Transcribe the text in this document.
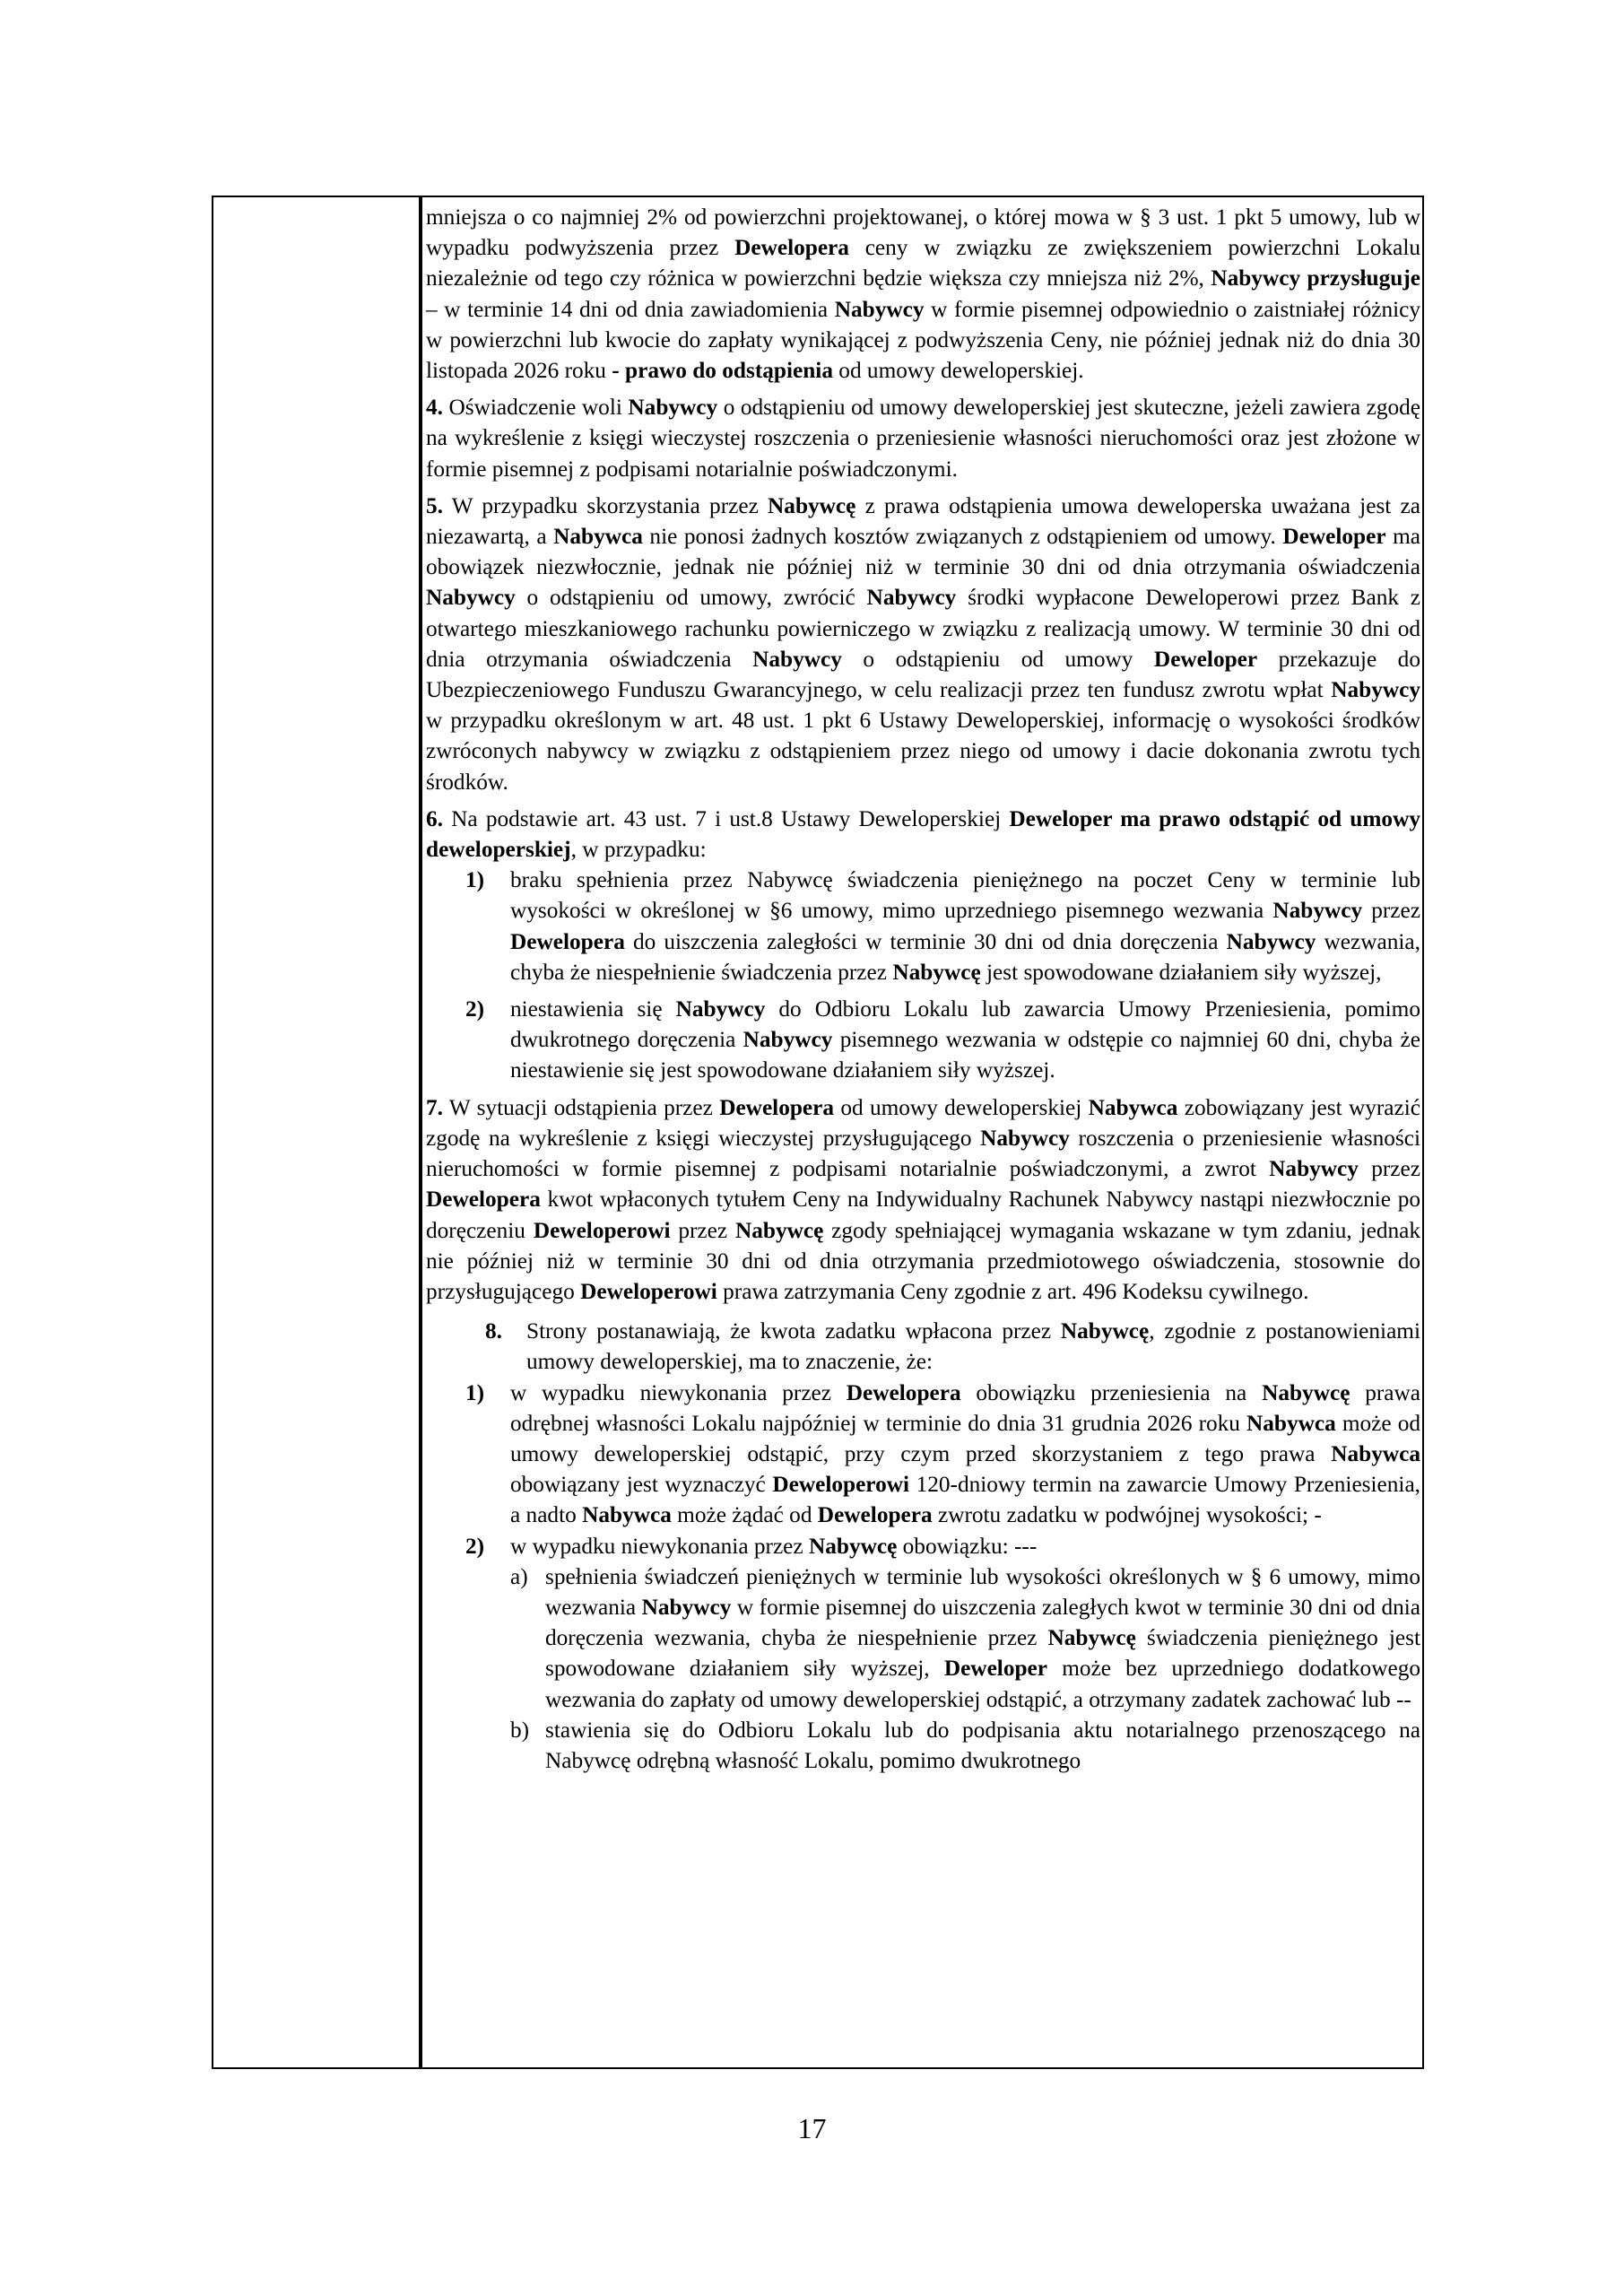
mniejsza o co najmniej 2% od powierzchni projektowanej, o której mowa w § 3 ust. 1 pkt 5 umowy, lub w wypadku podwyższenia przez Dewelopera ceny w związku ze zwiększeniem powierzchni Lokalu niezależnie od tego czy różnica w powierzchni będzie większa czy mniejsza niż 2%, Nabywcy przysługuje – w terminie 14 dni od dnia zawiadomienia Nabywcy w formie pisemnej odpowiednio o zaistniałej różnicy w powierzchni lub kwocie do zapłaty wynikającej z podwyższenia Ceny, nie później jednak niż do dnia 30 listopada 2026 roku - prawo do odstąpienia od umowy deweloperskiej.

4. Oświadczenie woli Nabywcy o odstąpieniu od umowy deweloperskiej jest skuteczne, jeżeli zawiera zgodę na wykreślenie z księgi wieczystej roszczenia o przeniesienie własności nieruchomości oraz jest złożone w formie pisemnej z podpisami notarialnie poświadczonymi.

5. W przypadku skorzystania przez Nabywcę z prawa odstąpienia umowa deweloperska uważana jest za niezawartą, a Nabywca nie ponosi żadnych kosztów związanych z odstąpieniem od umowy. Deweloper ma obowiązek niezwłocznie, jednak nie później niż w terminie 30 dni od dnia otrzymania oświadczenia Nabywcy o odstąpieniu od umowy, zwrócić Nabywcy środki wypłacone Deweloperowi przez Bank z otwartego mieszkaniowego rachunku powierniczego w związku z realizacją umowy. W terminie 30 dni od dnia otrzymania oświadczenia Nabywcy o odstąpieniu od umowy Deweloper przekazuje do Ubezpieczeniowego Funduszu Gwarancyjnego, w celu realizacji przez ten fundusz zwrotu wpłat Nabywcy w przypadku określonym w art. 48 ust. 1 pkt 6 Ustawy Deweloperskiej, informację o wysokości środków zwróconych nabywcy w związku z odstąpieniem przez niego od umowy i dacie dokonania zwrotu tych środków.

6. Na podstawie art. 43 ust. 7 i ust.8 Ustawy Deweloperskiej Deweloper ma prawo odstąpić od umowy deweloperskiej, w przypadku:

1) braku spełnienia przez Nabywcę świadczenia pieniężnego na poczet Ceny w terminie lub wysokości w określonej w §6 umowy, mimo uprzedniego pisemnego wezwania Nabywcy przez Dewelopera do uiszczenia zaległości w terminie 30 dni od dnia doręczenia Nabywcy wezwania, chyba że niespełnienie świadczenia przez Nabywcę jest spowodowane działaniem siły wyższej,

2) niestawienia się Nabywcy do Odbioru Lokalu lub zawarcia Umowy Przeniesienia, pomimo dwukrotnego doręczenia Nabywcy pisemnego wezwania w odstępie co najmniej 60 dni, chyba że niestawienie się jest spowodowane działaniem siły wyższej.

7. W sytuacji odstąpienia przez Dewelopera od umowy deweloperskiej Nabywca zobowiązany jest wyrazić zgodę na wykreślenie z księgi wieczystej przysługującego Nabywcy roszczenia o przeniesienie własności nieruchomości w formie pisemnej z podpisami notarialnie poświadczonymi, a zwrot Nabywcy przez Dewelopera kwot wpłaconych tytułem Ceny na Indywidualny Rachunek Nabywcy nastąpi niezwłocznie po doręczeniu Deweloperowi przez Nabywcę zgody spełniającej wymagania wskazane w tym zdaniu, jednak nie później niż w terminie 30 dni od dnia otrzymania przedmiotowego oświadczenia, stosownie do przysługującego Deweloperowi prawa zatrzymania Ceny zgodnie z art. 496 Kodeksu cywilnego.

8. Strony postanawiają, że kwota zadatku wpłacona przez Nabywcę, zgodnie z postanowieniami umowy deweloperskiej, ma to znaczenie, że:

1) w wypadku niewykonania przez Dewelopera obowiązku przeniesienia na Nabywcę prawa odrębnej własności Lokalu najpóźniej w terminie do dnia 31 grudnia 2026 roku Nabywca może od umowy deweloperskiej odstąpić, przy czym przed skorzystaniem z tego prawa Nabywca obowiązany jest wyznaczyć Deweloperowi 120-dniowy termin na zawarcie Umowy Przeniesienia, a nadto Nabywca może żądać od Dewelopera zwrotu zadatku w podwójnej wysokości; -

2) w wypadku niewykonania przez Nabywcę obowiązku: ---

a) spełnienia świadczeń pieniężnych w terminie lub wysokości określonych w § 6 umowy, mimo wezwania Nabywcy w formie pisemnej do uiszczenia zaległych kwot w terminie 30 dni od dnia doręczenia wezwania, chyba że niespełnienie przez Nabywcę świadczenia pieniężnego jest spowodowane działaniem siły wyższej, Deweloper może bez uprzedniego dodatkowego wezwania do zapłaty od umowy deweloperskiej odstąpić, a otrzymany zadatek zachować lub --

b) stawienia się do Odbioru Lokalu lub do podpisania aktu notarialnego przenoszącego na Nabywcę odrębną własność Lokalu, pomimo dwukrotnego

17
